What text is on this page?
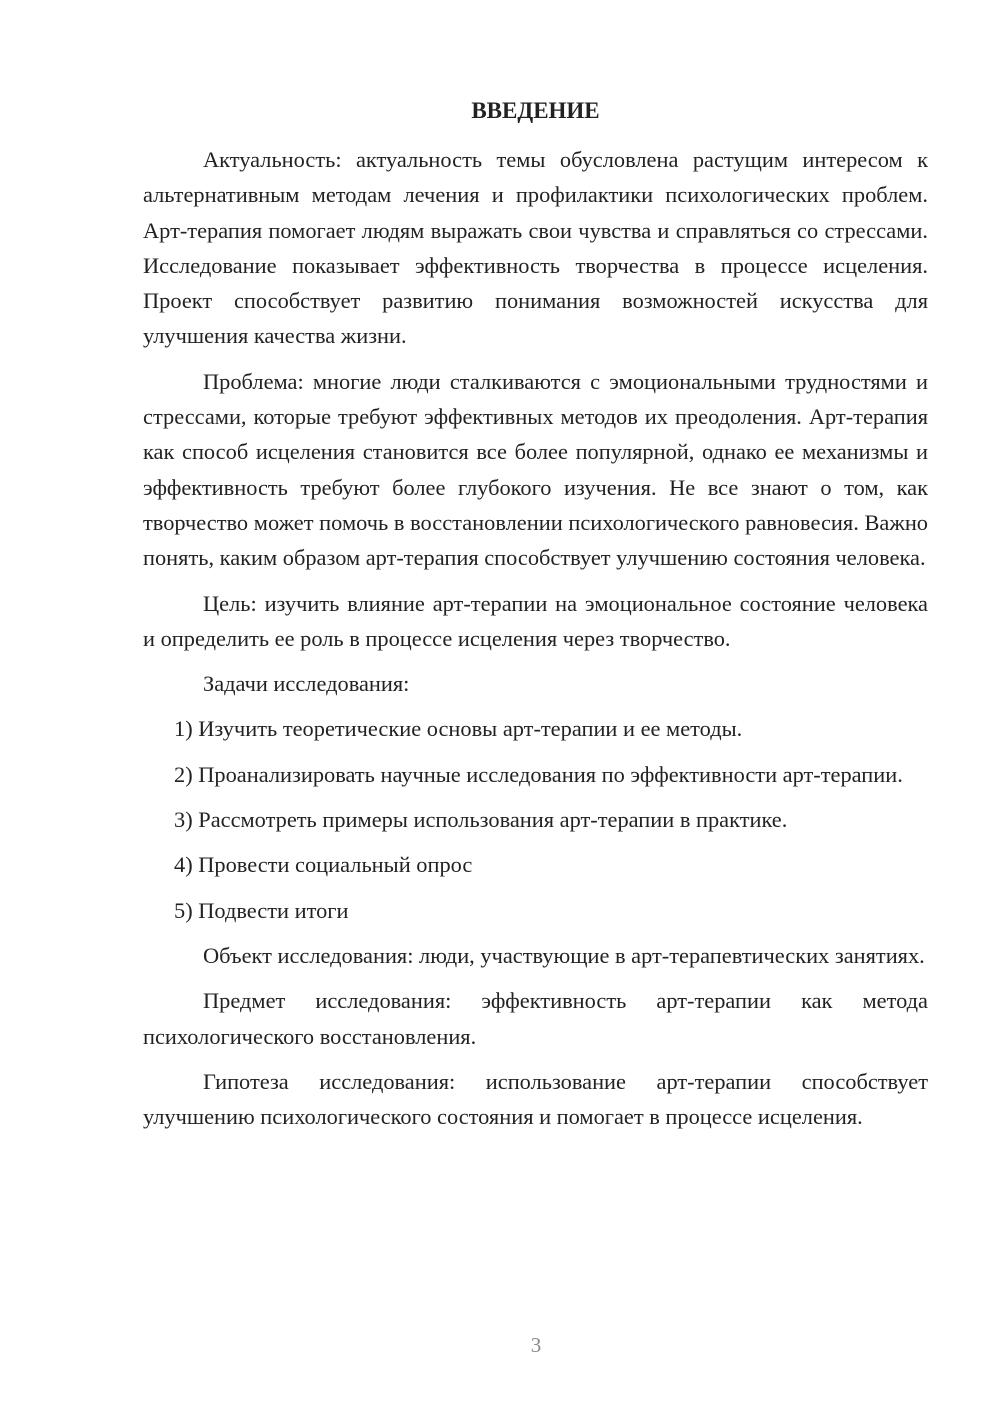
ВВЕДЕНИЕ

Актуальность: актуальность темы обусловлена растущим интересом к альтернативным методам лечения и профилактики психологических проблем. Арт-терапия помогает людям выражать свои чувства и справляться со стрессами. Исследование показывает эффективность творчества в процессе исцеления. Проект способствует развитию понимания возможностей искусства для улучшения качества жизни.

Проблема: многие люди сталкиваются с эмоциональными трудностями и стрессами, которые требуют эффективных методов их преодоления. Арт-терапия как способ исцеления становится все более популярной, однако ее механизмы и эффективность требуют более глубокого изучения. Не все знают о том, как творчество может помочь в восстановлении психологического равновесия. Важно понять, каким образом арт-терапия способствует улучшению состояния человека.

Цель: изучить влияние арт-терапии на эмоциональное состояние человека и определить ее роль в процессе исцеления через творчество.

Задачи исследования:

1) Изучить теоретические основы арт-терапии и ее методы.

2) Проанализировать научные исследования по эффективности арт-терапии.

3) Рассмотреть примеры использования арт-терапии в практике.

4) Провести социальный опрос

5) Подвести итоги

Объект исследования: люди, участвующие в арт-терапевтических занятиях.

Предмет исследования: эффективность арт-терапии как метода психологического восстановления.

Гипотеза исследования: использование арт-терапии способствует улучшению психологического состояния и помогает в процессе исцеления.

3
